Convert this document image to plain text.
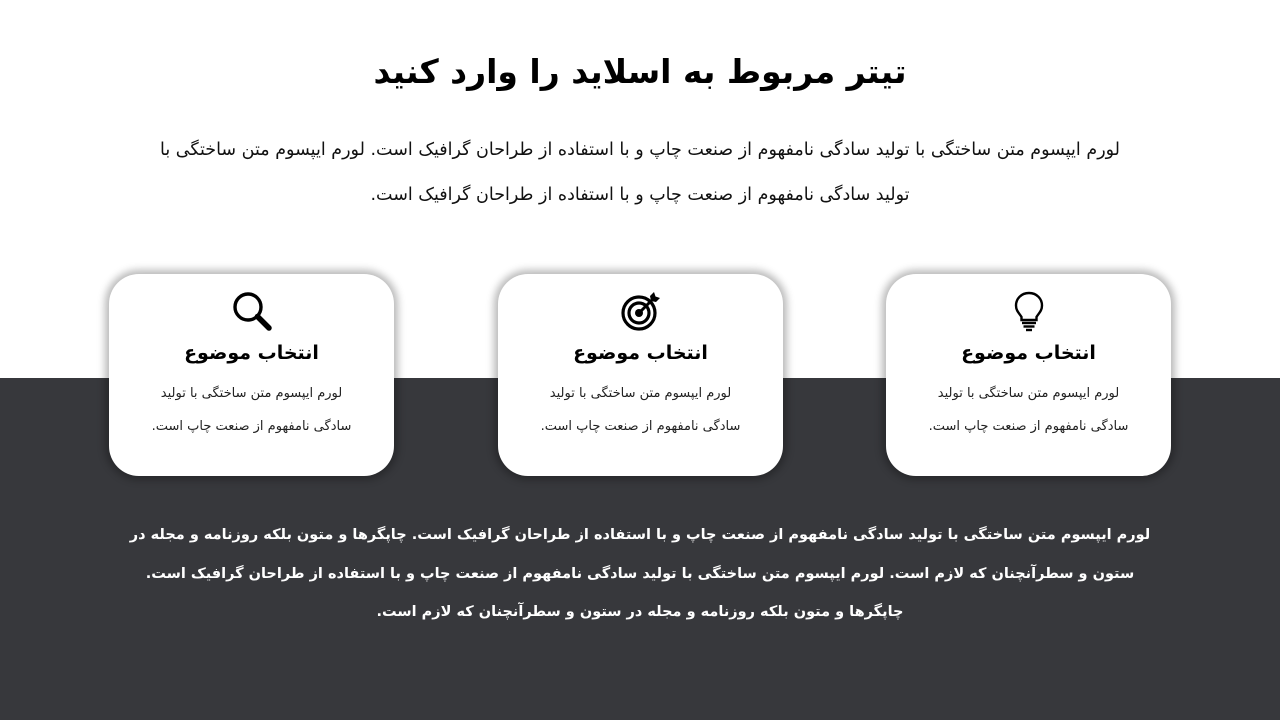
تیتر مربوط به اسلاید را وارد کنید

لورم ایپسوم متن ساختگی با تولید سادگی نامفهوم از صنعت چاپ و با استفاده از طراحان گرافیک است. لورم ایپسوم متن ساختگی با تولید سادگی نامفهوم از صنعت چاپ و با استفاده از طراحان گرافیک است.

انتخاب موضوع
لورم ایپسوم متن ساختگی با تولید سادگی نامفهوم از صنعت چاپ است.
انتخاب موضوع
لورم ایپسوم متن ساختگی با تولید سادگی نامفهوم از صنعت چاپ است.
انتخاب موضوع
لورم ایپسوم متن ساختگی با تولید سادگی نامفهوم از صنعت چاپ است.

لورم ایپسوم متن ساختگی با تولید سادگی نامفهوم از صنعت چاپ و با استفاده از طراحان گرافیک است. چاپگرها و متون بلکه روزنامه و مجله در ستون و سطرآنچنان که لازم است. لورم ایپسوم متن ساختگی با تولید سادگی نامفهوم از صنعت چاپ و با استفاده از طراحان گرافیک است. چاپگرها و متون بلکه روزنامه و مجله در ستون و سطرآنچنان که لازم است.
